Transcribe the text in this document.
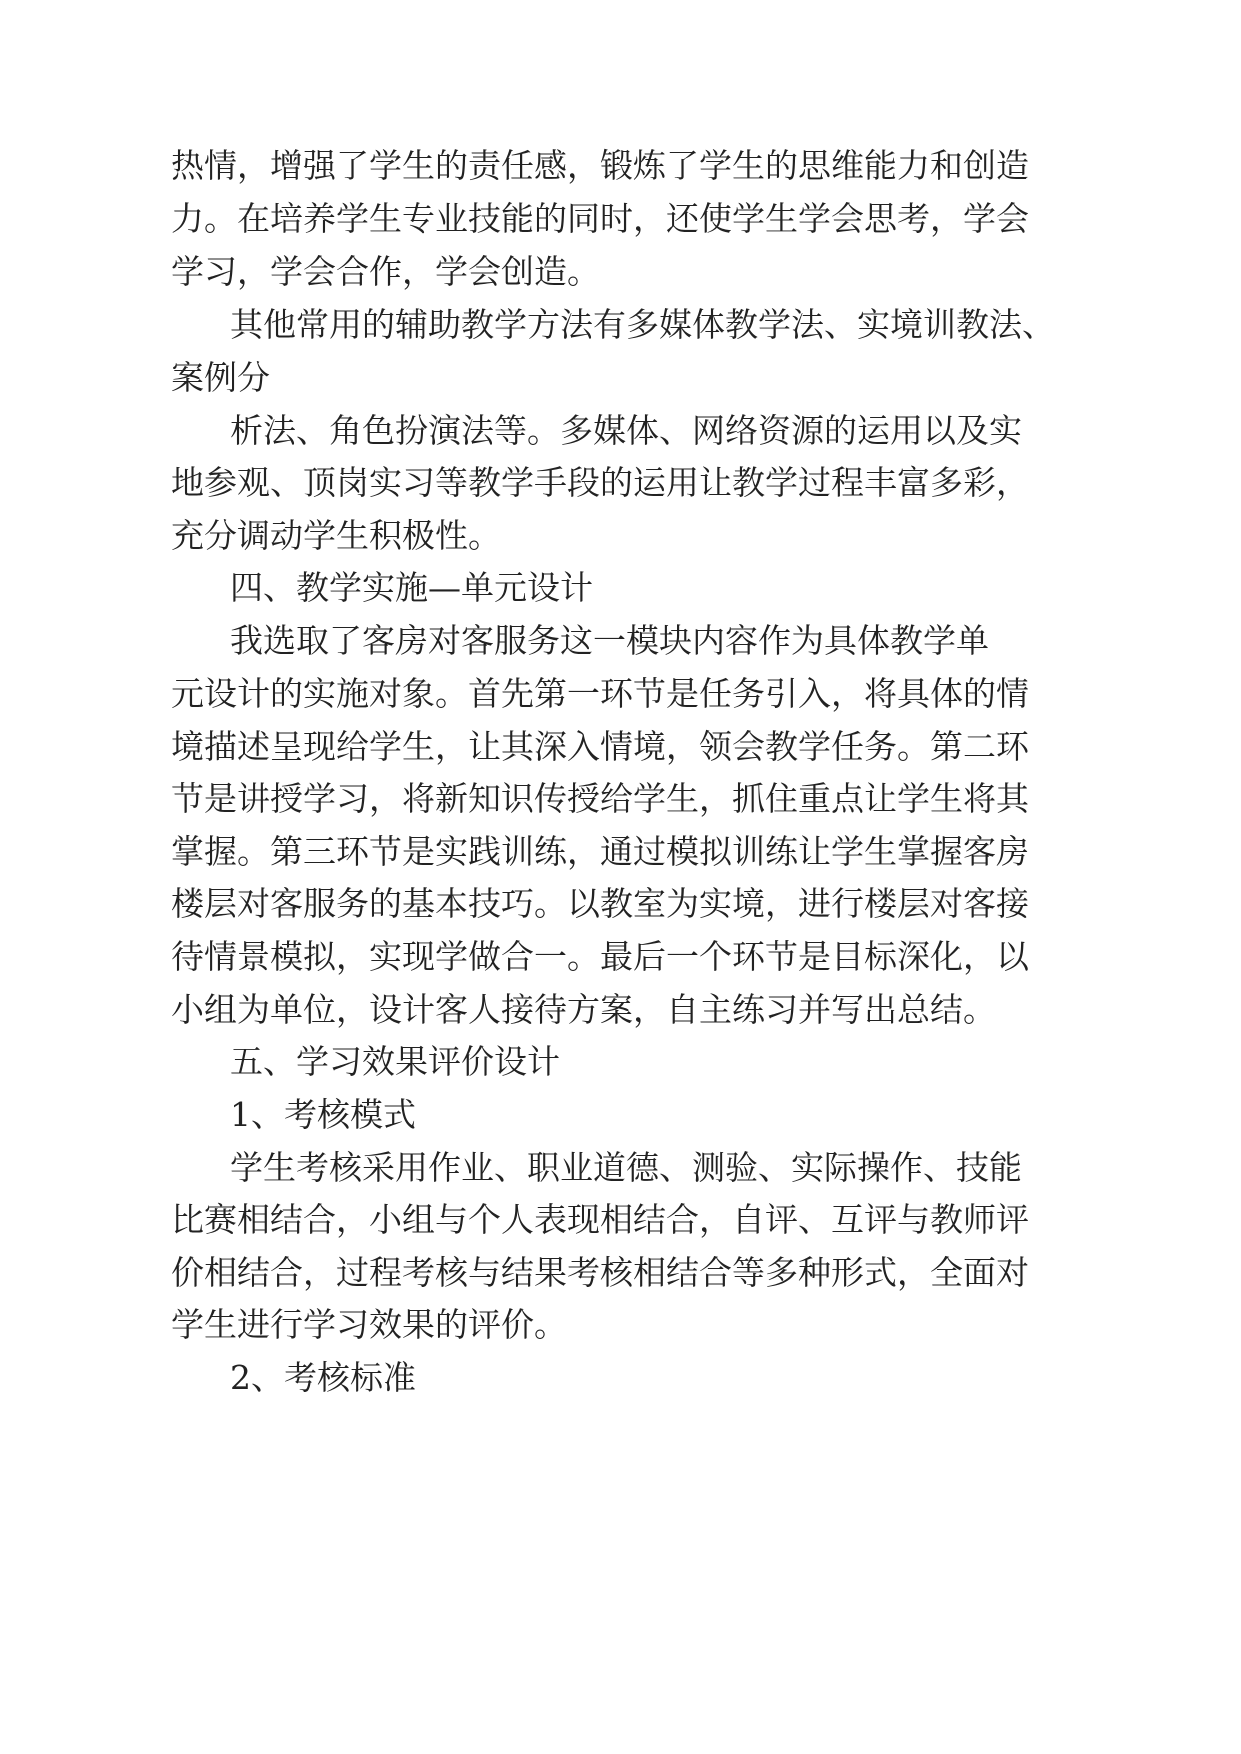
热情，增强了学生的责任感，锻炼了学生的思维能力和创造

力。在培养学生专业技能的同时，还使学生学会思考，学会

学习，学会合作，学会创造。

其他常用的辅助教学方法有多媒体教学法、实境训教法、

案例分

析法、角色扮演法等。多媒体、网络资源的运用以及实

地参观、顶岗实习等教学手段的运用让教学过程丰富多彩，

充分调动学生积极性。

四、教学实施—单元设计

我选取了客房对客服务这一模块内容作为具体教学单

元设计的实施对象。首先第一环节是任务引入，将具体的情

境描述呈现给学生，让其深入情境，领会教学任务。第二环

节是讲授学习，将新知识传授给学生，抓住重点让学生将其

掌握。第三环节是实践训练，通过模拟训练让学生掌握客房

楼层对客服务的基本技巧。以教室为实境，进行楼层对客接

待情景模拟，实现学做合一。最后一个环节是目标深化，以

小组为单位，设计客人接待方案，自主练习并写出总结。

五、学习效果评价设计

1、考核模式

学生考核采用作业、职业道德、测验、实际操作、技能

比赛相结合，小组与个人表现相结合，自评、互评与教师评

价相结合，过程考核与结果考核相结合等多种形式，全面对

学生进行学习效果的评价。

2、考核标准
